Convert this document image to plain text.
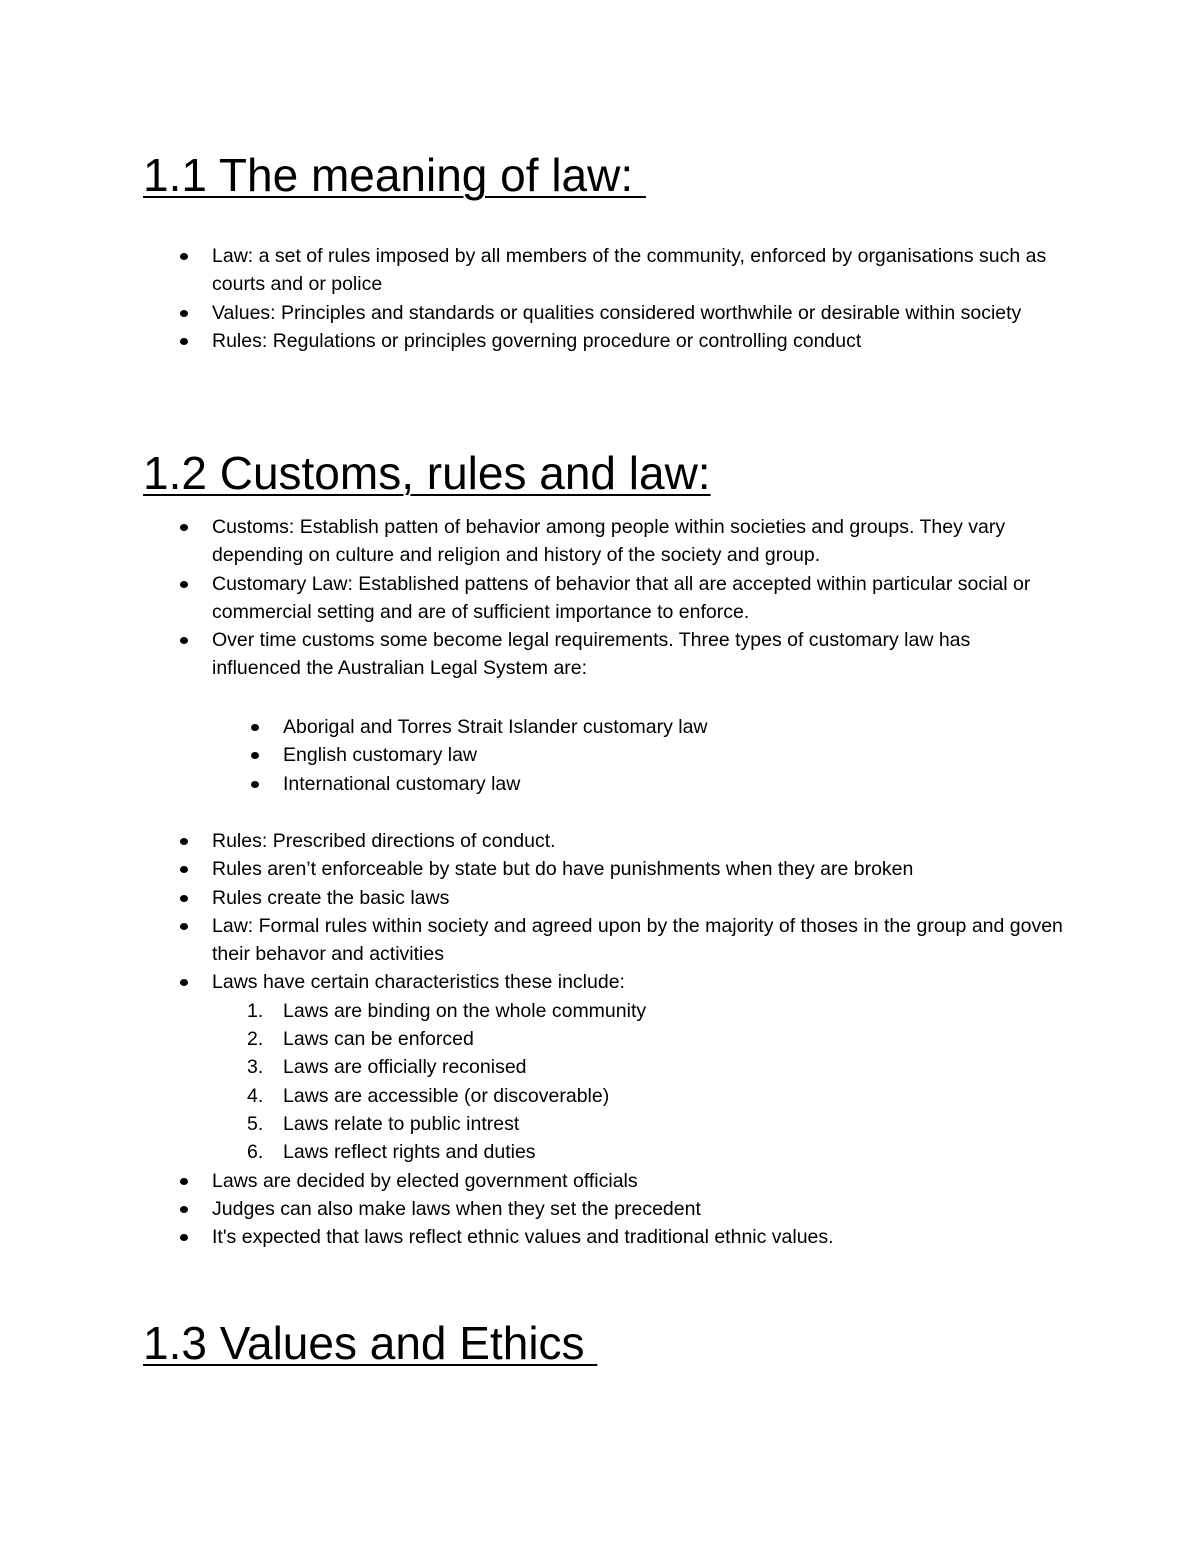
1.1 The meaning of law:
Law: a set of rules imposed by all members of the community, enforced by organisations such as courts and or police
Values: Principles and standards or qualities considered worthwhile or desirable within society
Rules: Regulations or principles governing procedure or controlling conduct
1.2 Customs, rules and law:
Customs: Establish patten of behavior among people within societies and groups. They vary depending on culture and religion and history of the society and group.
Customary Law: Established pattens of behavior that all are accepted within particular social or commercial setting and are of sufficient importance to enforce.
Over time customs some become legal requirements. Three types of customary law has influenced the Australian Legal System are:
Aborigal and Torres Strait Islander customary law
English customary law
International customary law
Rules: Prescribed directions of conduct.
Rules aren’t enforceable by state but do have punishments when they are broken
Rules create the basic laws
Law: Formal rules within society and agreed upon by the majority of thoses in the group and goven their behavor and activities
Laws have certain characteristics these include:
1.	Laws are binding on the whole community
2.	Laws can be enforced
3.	Laws are officially reconised
4.	Laws are accessible (or discoverable)
5.	Laws relate to public intrest
6.	Laws reflect rights and duties
Laws are decided by elected government officials
Judges can also make laws when they set the precedent
It's expected that laws reflect ethnic values and traditional ethnic values.
1.3 Values and Ethics
